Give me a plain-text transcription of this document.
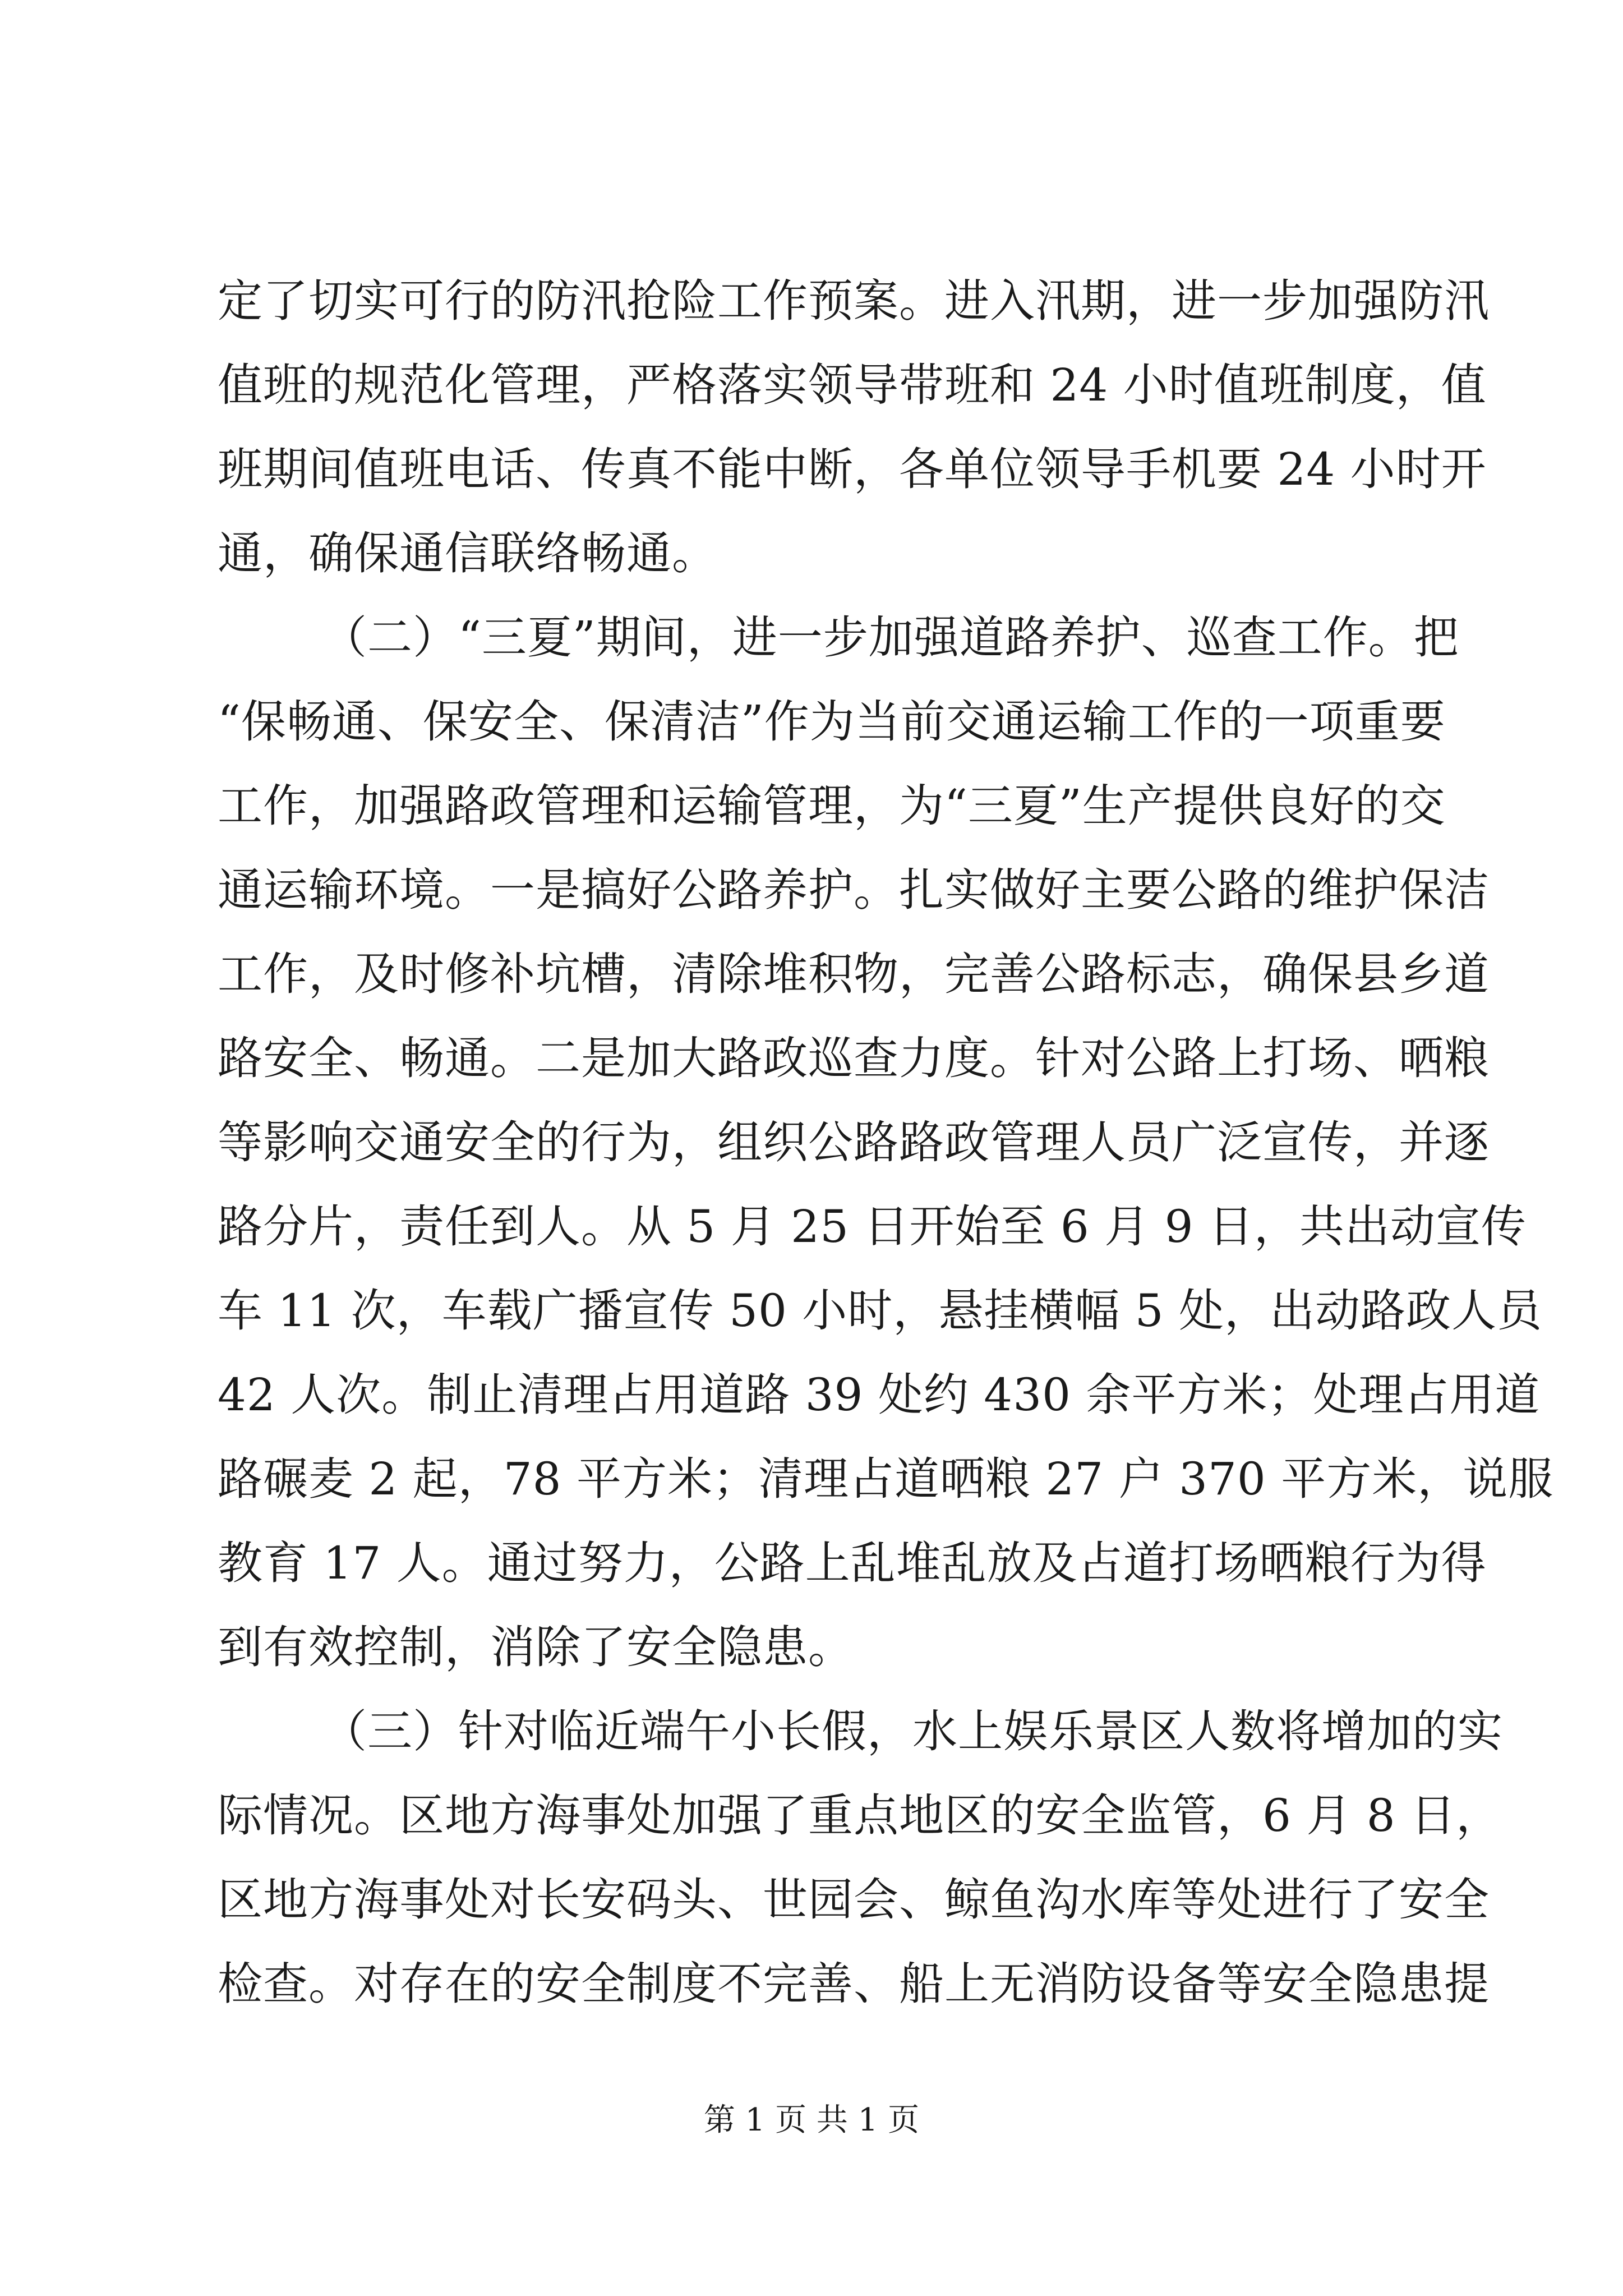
定了切实可行的防汛抢险工作预案。进入汛期，进一步加强防汛
值班的规范化管理，严格落实领导带班和 24 小时值班制度，值
班期间值班电话、传真不能中断，各单位领导手机要 24 小时开
通，确保通信联络畅通。
（二）“三夏”期间，进一步加强道路养护、巡查工作。把
“保畅通、保安全、保清洁”作为当前交通运输工作的一项重要
工作，加强路政管理和运输管理，为“三夏”生产提供良好的交
通运输环境。一是搞好公路养护。扎实做好主要公路的维护保洁
工作，及时修补坑槽，清除堆积物，完善公路标志，确保县乡道
路安全、畅通。二是加大路政巡查力度。针对公路上打场、晒粮
等影响交通安全的行为，组织公路路政管理人员广泛宣传，并逐
路分片，责任到人。从 5 月 25 日开始至 6 月 9 日，共出动宣传
车 11 次，车载广播宣传 50 小时，悬挂横幅 5 处，出动路政人员
42 人次。制止清理占用道路 39 处约 430 余平方米；处理占用道
路碾麦 2 起，78 平方米；清理占道晒粮 27 户 370 平方米，说服
教育 17 人。通过努力，公路上乱堆乱放及占道打场晒粮行为得
到有效控制，消除了安全隐患。
（三）针对临近端午小长假，水上娱乐景区人数将增加的实
际情况。区地方海事处加强了重点地区的安全监管，6 月 8 日，
区地方海事处对长安码头、世园会、鲸鱼沟水库等处进行了安全
检查。对存在的安全制度不完善、船上无消防设备等安全隐患提
第 1 页 共 1 页
